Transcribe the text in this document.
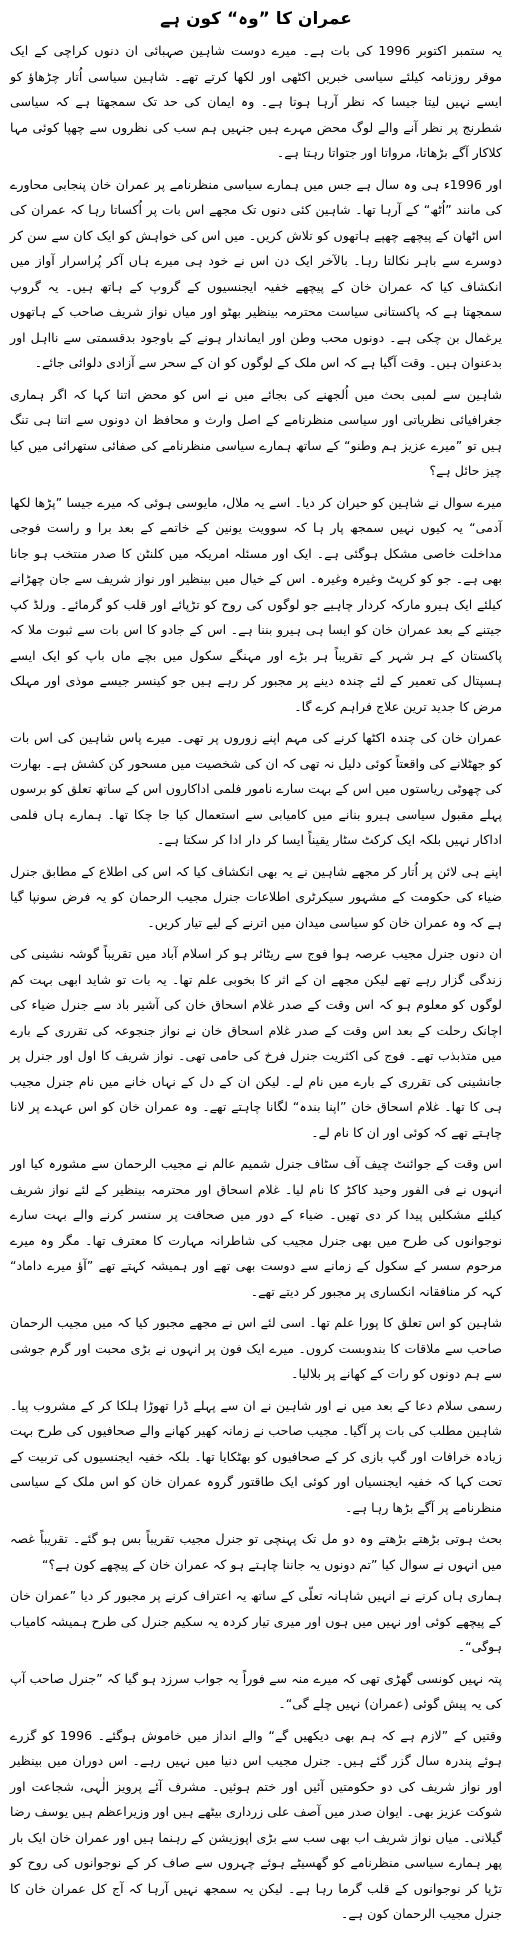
عمران کا ”وہ“ کون ہے

یہ ستمبر اکتوبر 1996 کی بات ہے۔ میرے دوست شاہین صہبائی ان دنوں کراچی کے ایک موقر روزنامہ کیلئے سیاسی خبریں اکٹھی اور لکھا کرتے تھے۔ شاہین سیاسی اُتار چڑھاؤ کو ایسے نہیں لیتا جیسا کہ نظر آرہا ہوتا ہے۔ وہ ایمان کی حد تک سمجھتا ہے کہ سیاسی شطرنج پر نظر آنے والے لوگ محض مہرے ہیں جنہیں ہم سب کی نظروں سے چھپا کوئی مہا کلاکار آگے بڑھاتا، مرواتا اور جتواتا رہتا ہے۔

اور 1996ء ہی وہ سال ہے جس میں ہمارے سیاسی منظرنامے پر عمران خان پنجابی محاورے کی مانند ”اُٹھ“ کے آرہا تھا۔ شاہین کئی دنوں تک مجھے اس بات پر اُکساتا رہا کہ عمران کی اس اٹھان کے پیچھے چھپے ہاتھوں کو تلاش کریں۔ میں اس کی خواہش کو ایک کان سے سن کر دوسرے سے باہر نکالتا رہا۔ بالآخر ایک دن اس نے خود ہی میرے ہاں آکر پُراسرار آواز میں انکشاف کیا کہ عمران خان کے پیچھے خفیہ ایجنسیوں کے گروپ کے ہاتھ ہیں۔ یہ گروپ سمجھتا ہے کہ پاکستانی سیاست محترمہ بینظیر بھٹو اور میاں نواز شریف صاحب کے ہاتھوں یرغمال بن چکی ہے۔ دونوں محب وطن اور ایماندار ہونے کے باوجود بدقسمتی سے نااہل اور بدعنوان ہیں۔ وقت آگیا ہے کہ اس ملک کے لوگوں کو ان کے سحر سے آزادی دلوائی جائے۔

شاہین سے لمبی بحث میں اُلجھنے کی بجائے میں نے اس کو محض اتنا کہا کہ اگر ہماری جغرافیائی نظریاتی اور سیاسی منظرنامے کے اصل وارث و محافظ ان دونوں سے اتنا ہی تنگ ہیں تو ”میرے عزیز ہم وطنو“ کے ساتھ ہمارے سیاسی منظرنامے کی صفائی ستھرائی میں کیا چیز حائل ہے؟

میرے سوال نے شاہین کو حیران کر دیا۔ اسے یہ ملال، مایوسی ہوئی کہ میرے جیسا ”پڑھا لکھا آدمی“ یہ کیوں نہیں سمجھ پار ہا کہ سوویت یونین کے خاتمے کے بعد برا و راست فوجی مداخلت خاصی مشکل ہوگئی ہے۔ ایک اور مسئلہ امریکہ میں کلنٹن کا صدر منتخب ہو جانا بھی ہے۔ جو کو کرپٹ وغیرہ وغیرہ۔ اس کے خیال میں بینظیر اور نواز شریف سے جان چھڑانے کیلئے ایک ہیرو مارکہ کردار چاہیے جو لوگوں کی روح کو تڑپائے اور قلب کو گرمائے۔ ورلڈ کپ جیتنے کے بعد عمران خان کو ایسا ہی ہیرو بننا ہے۔ اس کے جادو کا اس بات سے ثبوت ملا کہ پاکستان کے ہر شہر کے تقریباً ہر بڑے اور مہنگے سکول میں بچے ماں باپ کو ایک ایسے ہسپتال کی تعمیر کے لئے چندہ دینے پر مجبور کر رہے ہیں جو کینسر جیسے موذی اور مہلک مرض کا جدید ترین علاج فراہم کرے گا۔

عمران خان کی چندہ اکٹھا کرنے کی مہم اپنے زوروں پر تھی۔ میرے پاس شاہین کی اس بات کو جھٹلانے کی واقعتاً کوئی دلیل نہ تھی کہ ان کی شخصیت میں مسحور کن کشش ہے۔ بھارت کی چھوٹی ریاستوں میں اس کے بہت سارے نامور فلمی اداکاروں اس کے ساتھ تعلق کو برسوں پہلے مقبول سیاسی ہیرو بنانے میں کامیابی سے استعمال کیا جا چکا تھا۔ ہمارے ہاں فلمی اداکار نہیں بلکہ ایک کرکٹ سٹار یقیناً ایسا کر دار ادا کر سکتا ہے۔

اپنے ہی لائن پر اُتار کر مجھے شاہین نے یہ بھی انکشاف کیا کہ اس کی اطلاع کے مطابق جنرل ضیاء کی حکومت کے مشہور سیکرٹری اطلاعات جنرل مجیب الرحمان کو یہ فرض سونپا گیا ہے کہ وہ عمران خان کو سیاسی میدان میں اترنے کے لیے تیار کریں۔

ان دنوں جنرل مجیب عرصہ ہوا فوج سے ریٹائر ہو کر اسلام آباد میں تقریباً گوشہ نشینی کی زندگی گزار رہے تھے لیکن مجھے ان کے اثر کا بخوبی علم تھا۔ یہ بات تو شاید ابھی بہت کم لوگوں کو معلوم ہو کہ اس وقت کے صدر غلام اسحاق خان کی آشیر باد سے جنرل ضیاء کی اچانک رحلت کے بعد اس وقت کے صدر غلام اسحاق خان نے نواز جنجوعہ کی تقرری کے بارے میں متذبذب تھے۔ فوج کی اکثریت جنرل فرخ کی حامی تھی۔ نواز شریف کا اول اور جنرل پر جانشینی کی تقرری کے بارے میں نام لے۔ لیکن ان کے دل کے نہاں خانے میں نام جنرل مجیب ہی کا تھا۔ غلام اسحاق خان ”اپنا بندہ“ لگانا چاہتے تھے۔ وہ عمران خان کو اس عہدے پر لانا چاہتے تھے کہ کوئی اور ان کا نام لے۔

اس وقت کے جوائنٹ چیف آف سٹاف جنرل شمیم عالم نے مجیب الرحمان سے مشورہ کیا اور انہوں نے فی الفور وحید کاکڑ کا نام لیا۔ غلام اسحاق اور محترمہ بینظیر کے لئے نواز شریف کیلئے مشکلیں پیدا کر دی تھیں۔ ضیاء کے دور میں صحافت پر سنسر کرنے والے بہت سارے نوجوانوں کی طرح میں بھی جنرل مجیب کی شاطرانہ مہارت کا معترف تھا۔ مگر وہ میرے مرحوم سسر کے سکول کے زمانے سے دوست بھی تھے اور ہمیشہ کہتے تھے ”آؤ میرے داماد“ کہہ کر منافقانہ انکساری پر مجبور کر دیتے تھے۔

شاہین کو اس تعلق کا پورا علم تھا۔ اسی لئے اس نے مجھے مجبور کیا کہ میں مجیب الرحمان صاحب سے ملاقات کا بندوبست کروں۔ میرے ایک فون پر انہوں نے بڑی محبت اور گرم جوشی سے ہم دونوں کو رات کے کھانے پر بلالیا۔

رسمی سلام دعا کے بعد میں نے اور شاہین نے ان سے پہلے ڈرا تھوڑا ہلکا کر کے مشروب پیا۔ شاہین مطلب کی بات پر آگیا۔ مجیب صاحب نے زمانہ کھیر کھانے والے صحافیوں کی طرح بہت زیادہ خرافات اور گپ بازی کر کے صحافیوں کو بھٹکایا تھا۔ بلکہ خفیہ ایجنسیوں کی تربیت کے تحت کہا کہ خفیہ ایجنسیاں اور کوئی ایک طاقتور گروہ عمران خان کو اس ملک کے سیاسی منظرنامے پر آگے بڑھا رہا ہے۔

بحث ہوتی بڑھتے بڑھتے وہ دو مل تک پہنچی تو جنرل مجیب تقریباً بس ہو گئے۔ تقریباً غصہ میں انہوں نے سوال کیا ”تم دونوں یہ جاننا چاہتے ہو کہ عمران خان کے پیچھے کون ہے؟“

ہماری ہاں کرنے نے انہیں شاہانہ تعلّی کے ساتھ یہ اعتراف کرنے پر مجبور کر دیا ”عمران خان کے پیچھے کوئی اور نہیں میں ہوں اور میری تیار کردہ یہ سکیم جنرل کی طرح ہمیشہ کامیاب ہوگی“۔

پتہ نہیں کونسی گھڑی تھی کہ میرے منہ سے فوراً یہ جواب سرزد ہو گیا کہ ”جنرل صاحب آپ کی یہ پیش گوئی (عمران) نہیں چلے گی“۔

وقتیں کے ”لازم ہے کہ ہم بھی دیکھیں گے“ والے انداز میں خاموش ہوگئے۔ 1996 کو گزرے ہوئے پندرہ سال گزر گئے ہیں۔ جنرل مجیب اس دنیا میں نہیں رہے۔ اس دوران میں بینظیر اور نواز شریف کی دو حکومتیں آئیں اور ختم ہوئیں۔ مشرف آئے پرویز الٰہی، شجاعت اور شوکت عزیز بھی۔ ایوان صدر میں آصف علی زرداری بیٹھے ہیں اور وزیراعظم ہیں یوسف رضا گیلانی۔ میاں نواز شریف اب بھی سب سے بڑی اپوزیشن کے رہنما ہیں اور عمران خان ایک بار پھر ہمارے سیاسی منظرنامے کو گھسیٹے ہوئے چہروں سے صاف کر کے نوجوانوں کی روح کو تڑپا کر نوجوانوں کے قلب گرما رہا ہے۔ لیکن یہ سمجھ نہیں آرہا کہ آج کل عمران خان کا جنرل مجیب الرحمان کون ہے۔
